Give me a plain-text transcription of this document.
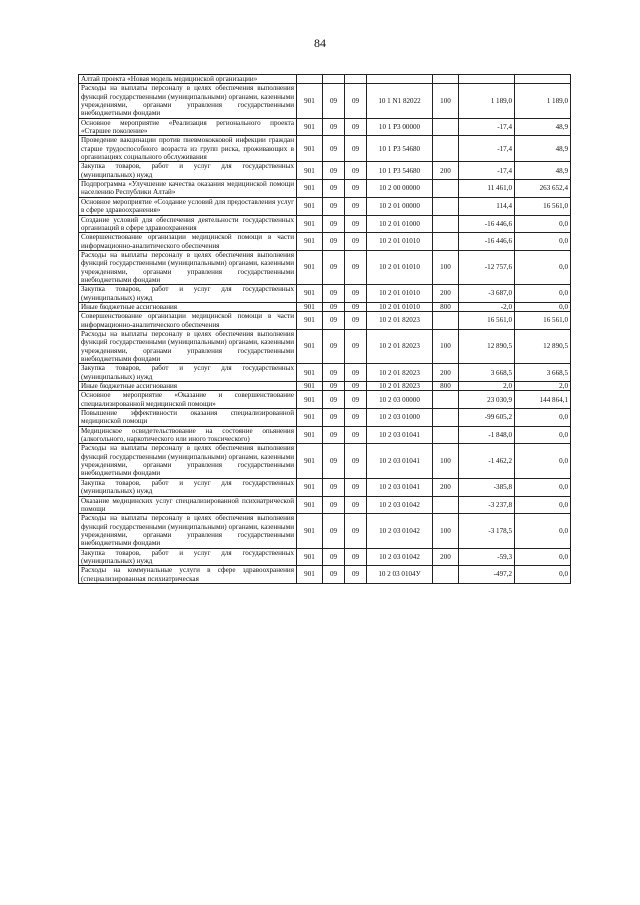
84
Алтай проекта «Новая модель медицинской организации»							
Расходы на выплаты персоналу в целях обеспечения выполнения функций государственными (муниципальными) органами, казенными учреждениями, органами управления государственными внебюджетными фондами	901	09	09	10 1 N1 82022	100	1 189,0	1 189,0
Основное мероприятие «Реализация регионального проекта «Старшее поколение»	901	09	09	10 1 P3 00000		-17,4	48,9
Проведение вакцинации против пневмококковой инфекции граждан старше трудоспособного возраста из групп риска, проживающих в организациях социального обслуживания	901	09	09	10 1 P3 54680		-17,4	48,9
Закупка товаров, работ и услуг для государственных (муниципальных) нужд	901	09	09	10 1 P3 54680	200	-17,4	48,9
Подпрограмма «Улучшение качества оказания медицинской помощи населению Республики Алтай»	901	09	09	10 2 00 00000		11 461,0	263 652,4
Основное мероприятие «Создание условий для предоставления услуг в сфере здравоохранения»	901	09	09	10 2 01 00000		114,4	16 561,0
Создание условий для обеспечения деятельности государственных организаций в сфере здравоохранения	901	09	09	10 2 01 01000		-16 446,6	0,0
Совершенствование организации медицинской помощи в части информационно-аналитического обеспечения	901	09	09	10 2 01 01010		-16 446,6	0,0
Расходы на выплаты персоналу в целях обеспечения выполнения функций государственными (муниципальными) органами, казенными учреждениями, органами управления государственными внебюджетными фондами	901	09	09	10 2 01 01010	100	-12 757,6	0,0
Закупка товаров, работ и услуг для государственных (муниципальных) нужд	901	09	09	10 2 01 01010	200	-3 687,0	0,0
Иные бюджетные ассигнования	901	09	09	10 2 01 01010	800	-2,0	0,0
Совершенствование организации медицинской помощи в части информационно-аналитического обеспечения	901	09	09	10 2 01 82023		16 561,0	16 561,0
Расходы на выплаты персоналу в целях обеспечения выполнения функций государственными (муниципальными) органами, казенными учреждениями, органами управления государственными внебюджетными фондами	901	09	09	10 2 01 82023	100	12 890,5	12 890,5
Закупка товаров, работ и услуг для государственных (муниципальных) нужд	901	09	09	10 2 01 82023	200	3 668,5	3 668,5
Иные бюджетные ассигнования	901	09	09	10 2 01 82023	800	2,0	2,0
Основное мероприятие «Оказание и совершенствование специализированной медицинской помощи»	901	09	09	10 2 03 00000		23 030,9	144 864,1
Повышение эффективности оказания специализированной медицинской помощи	901	09	09	10 2 03 01000		-99 605,2	0,0
Медицинское освидетельствование на состояние опьянения (алкогольного, наркотического или иного токсического)	901	09	09	10 2 03 01041		-1 848,0	0,0
Расходы на выплаты персоналу в целях обеспечения выполнения функций государственными (муниципальными) органами, казенными учреждениями, органами управления государственными внебюджетными фондами	901	09	09	10 2 03 01041	100	-1 462,2	0,0
Закупка товаров, работ и услуг для государственных (муниципальных) нужд	901	09	09	10 2 03 01041	200	-385,8	0,0
Оказание медицинских услуг специализированной психиатрической помощи	901	09	09	10 2 03 01042		-3 237,8	0,0
Расходы на выплаты персоналу в целях обеспечения выполнения функций государственными (муниципальными) органами, казенными учреждениями, органами управления государственными внебюджетными фондами	901	09	09	10 2 03 01042	100	-3 178,5	0,0
Закупка товаров, работ и услуг для государственных (муниципальных) нужд	901	09	09	10 2 03 01042	200	-59,3	0,0
Расходы на коммунальные услуги в сфере здравоохранения (специализированная психиатрическая	901	09	09	10 2 03 0104У		-497,2	0,0
